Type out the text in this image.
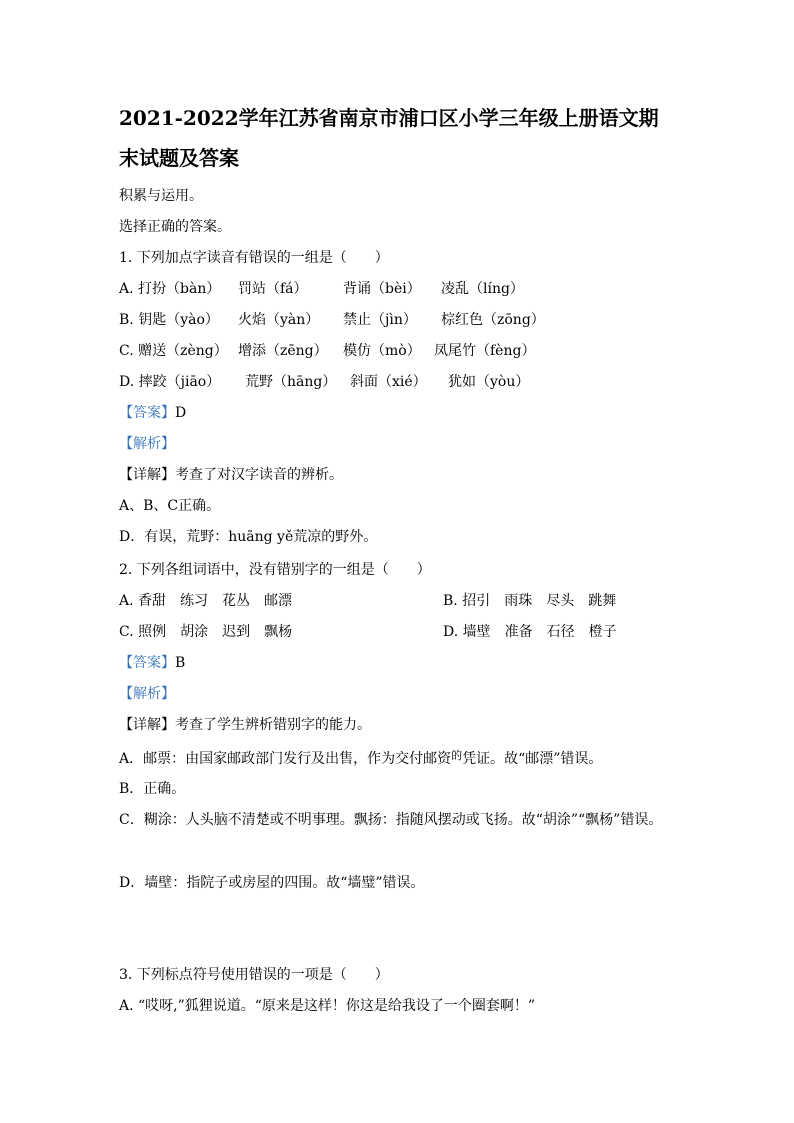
2021-2022学年江苏省南京市浦口区小学三年级上册语文期
末试题及答案
积累与运用。
选择正确的答案。
1. 下列加点字读音有错误的一组是（　　）
A. 打扮（bàn） 罚站（fá）	背诵（bèi） 凌乱（líng）
B. 钥匙（yào） 火焰（yàn） 禁止（jìn） 棕红色（zōng）
C. 赠送（zèng） 增添（zēng） 模仿（mò） 凤尾竹（fèng）
D. 摔跤（jiāo） 荒野（hāng） 斜面（xié） 犹如（yòu）
【答案】D
【解析】
【详解】考查了对汉字读音的辨析。
A、B、C正确。
D．有误，荒野：huāng yě荒凉的野外。
2. 下列各组词语中，没有错别字的一组是（　　）
A. 香甜　练习　花丛　邮漂	B. 招引　雨珠　尽头　跳舞
C. 照例　胡涂　迟到　飘杨	D. 墙壁　准备　石径　橙子
【答案】B
【解析】
【详解】考查了学生辨析错别字的能力。
A．邮票：由国家邮政部门发行及出售，作为交付邮资$^的$凭证。故“邮漂”错误。
B．正确。
C．糊涂：人头脑不清楚或不明事理。飘扬：指随风摆动或飞扬。故“胡涂”“飘杨”错误。
D．墙壁：指院子或房屋的四围。故“墙璧”错误。
3. 下列标点符号使用错误的一项是（　　）
A. “哎呀,”狐狸说道。“原来是这样！你这是给我设了一个圈套啊！”
